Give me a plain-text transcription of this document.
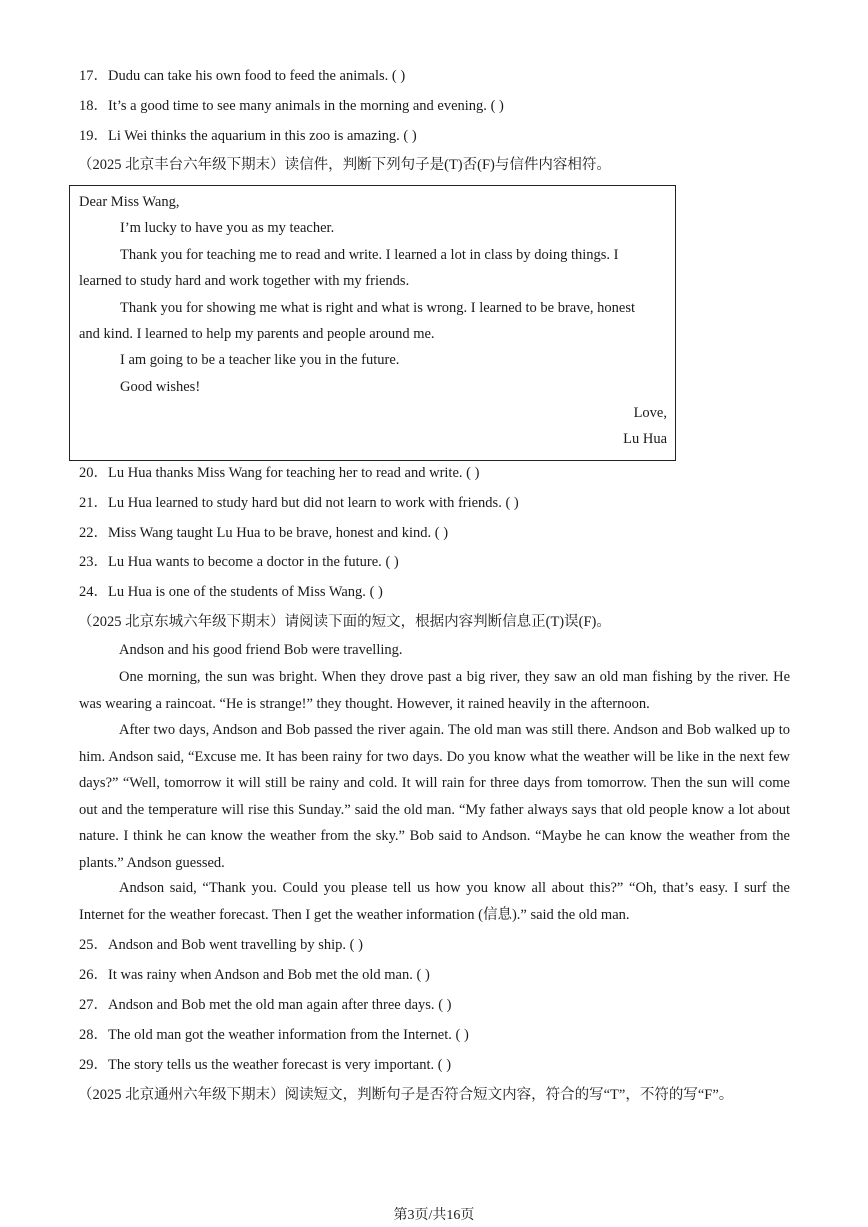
17．Dudu can take his own food to feed the animals. ( )
18．It’s a good time to see many animals in the morning and evening. ( )
19．Li Wei thinks the aquarium in this zoo is amazing. ( )
（2025 北京丰台六年级下期末）读信件，判断下列句子是(T)否(F)与信件内容相符。
Dear Miss Wang,
I’m lucky to have you as my teacher.
Thank you for teaching me to read and write. I learned a lot in class by doing things. I
learned to study hard and work together with my friends.
Thank you for showing me what is right and what is wrong. I learned to be brave, honest
and kind. I learned to help my parents and people around me.
I am going to be a teacher like you in the future.
Good wishes!
Love,
Lu Hua
20．Lu Hua thanks Miss Wang for teaching her to read and write. ( )
21．Lu Hua learned to study hard but did not learn to work with friends. ( )
22．Miss Wang taught Lu Hua to be brave, honest and kind. ( )
23．Lu Hua wants to become a doctor in the future. ( )
24．Lu Hua is one of the students of Miss Wang. ( )
（2025 北京东城六年级下期末）请阅读下面的短文，根据内容判断信息正(T)误(F)。
Andson and his good friend Bob were travelling.
One morning, the sun was bright. When they drove past a big river, they saw an old man fishing by the river. He was wearing a raincoat. “He is strange!” they thought. However, it rained heavily in the afternoon.
After two days, Andson and Bob passed the river again. The old man was still there. Andson and Bob walked up to him. Andson said, “Excuse me. It has been rainy for two days. Do you know what the weather will be like in the next few days?” “Well, tomorrow it will still be rainy and cold. It will rain for three days from tomorrow. Then the sun will come out and the temperature will rise this Sunday.” said the old man. “My father always says that old people know a lot about nature. I think he can know the weather from the sky.” Bob said to Andson. “Maybe he can know the weather from the plants.” Andson guessed.
Andson said, “Thank you. Could you please tell us how you know all about this?” “Oh, that’s easy. I surf the Internet for the weather forecast. Then I get the weather information (信息).” said the old man.
25．Andson and Bob went travelling by ship. ( )
26．It was rainy when Andson and Bob met the old man. ( )
27．Andson and Bob met the old man again after three days. ( )
28．The old man got the weather information from the Internet. ( )
29．The story tells us the weather forecast is very important. ( )
（2025 北京通州六年级下期末）阅读短文，判断句子是否符合短文内容，符合的写“T”，不符的写“F”。
第3页/共16页
